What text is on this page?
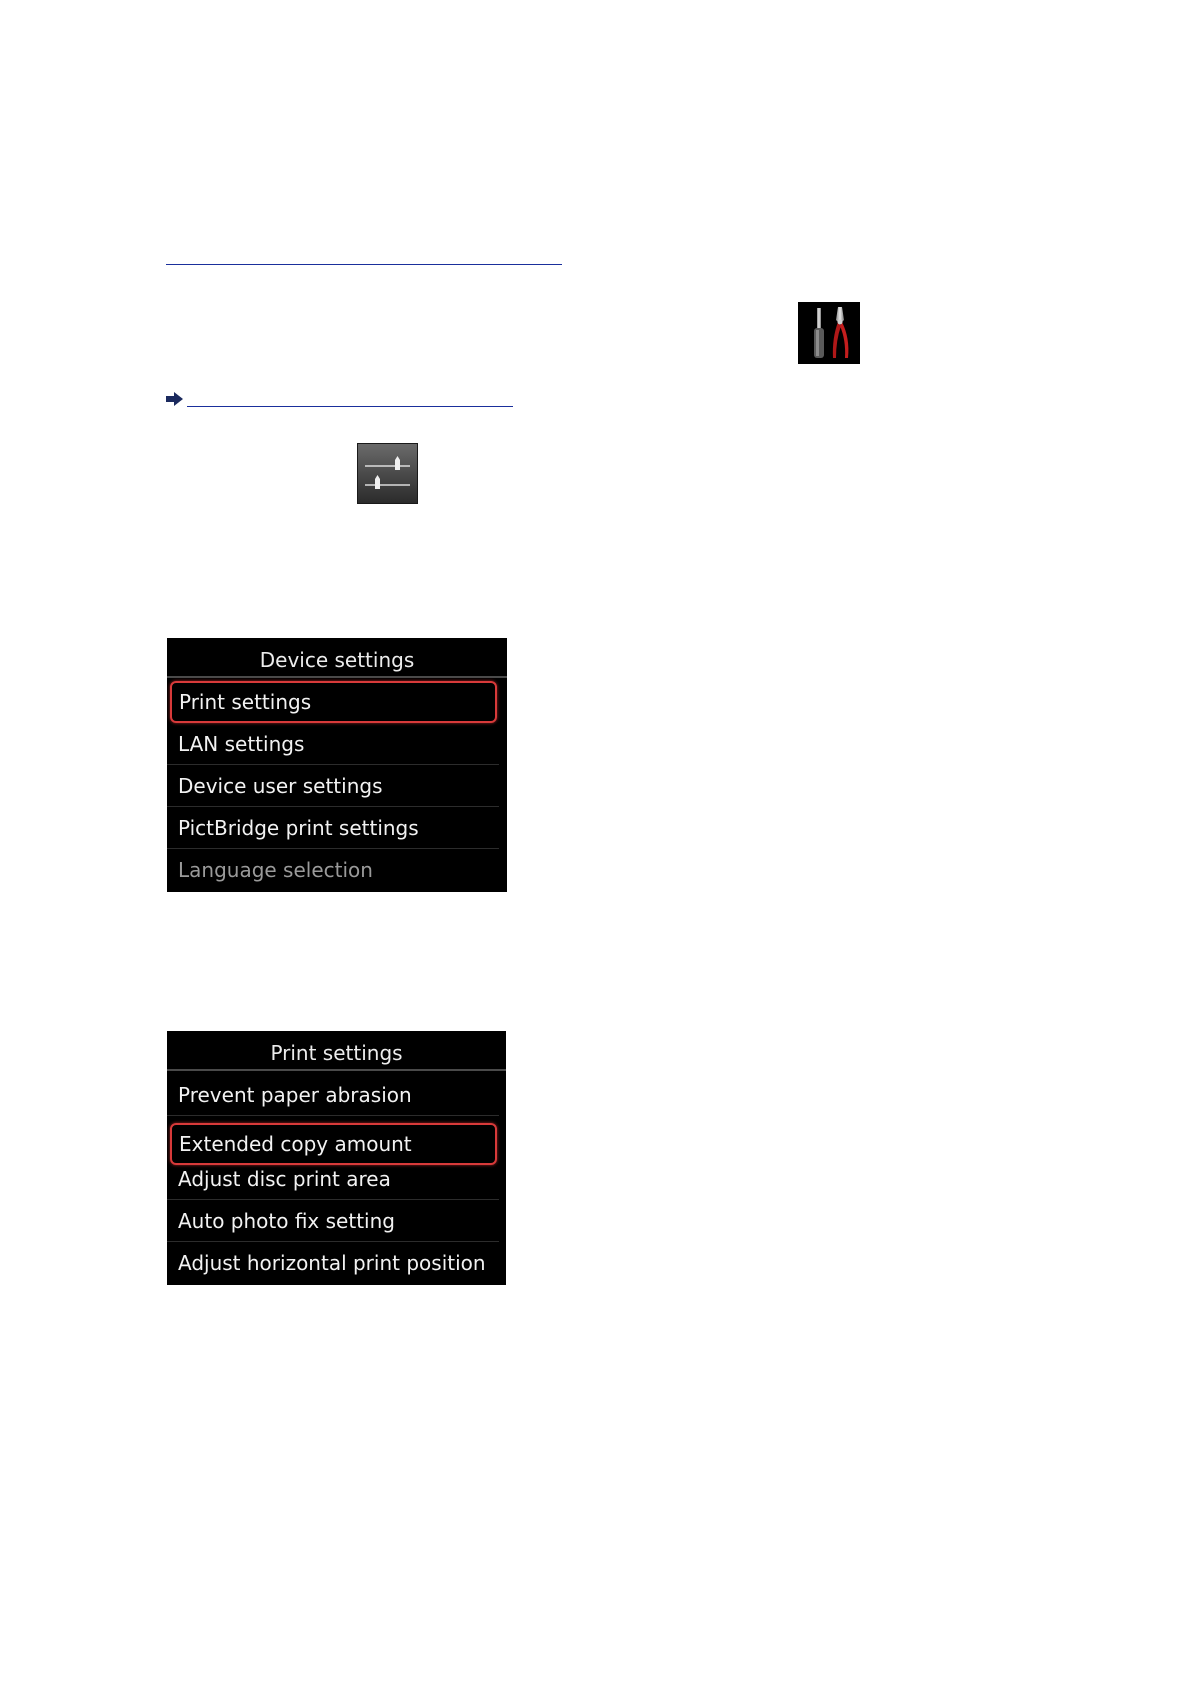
Device settings
Print settings
LAN settings
Device user settings
PictBridge print settings
Language selection
Print settings
Prevent paper abrasion
Extended copy amount
Adjust disc print area
Auto photo fix setting
Adjust horizontal print position
